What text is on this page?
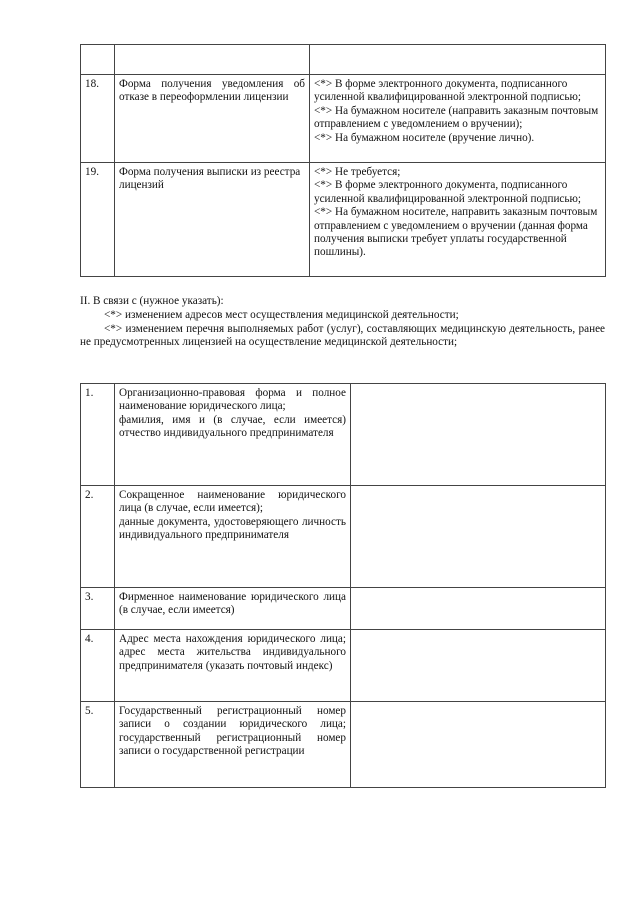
18.	Форма получения уведомления об отказе в переоформлении лицензии	<*> В форме электронного документа, подписанного усиленной квалифицированной электронной подписью;
<*> На бумажном носителе (направить заказным почтовым отправлением с уведомлением о вручении);
<*> На бумажном носителе (вручение лично).

19.	Форма получения выписки из реестра лицензий	<*> Не требуется;
<*> В форме электронного документа, подписанного усиленной квалифицированной электронной подписью;
<*> На бумажном носителе, направить заказным почтовым отправлением с уведомлением о вручении (данная форма получения выписки требует уплаты государственной пошлины).
II. В связи с (нужное указать):
<*> изменением адресов мест осуществления медицинской деятельности;
<*> изменением перечня выполняемых работ (услуг), составляющих медицинскую деятельность, ранее не предусмотренных лицензией на осуществление медицинской деятельности;
1.	Организационно-правовая форма и полное наименование юридического лица;
фамилия, имя и (в случае, если имеется) отчество индивидуального предпринимателя	

2.	Сокращенное наименование юридического лица (в случае, если имеется);
данные документа, удостоверяющего личность индивидуального предпринимателя	

3.	Фирменное наименование юридического лица (в случае, если имеется)	

4.	Адрес места нахождения юридического лица; адрес места жительства индивидуального предпринимателя (указать почтовый индекс)	

5.	Государственный регистрационный номер записи о создании юридического лица; государственный регистрационный номер записи о государственной регистрации	
